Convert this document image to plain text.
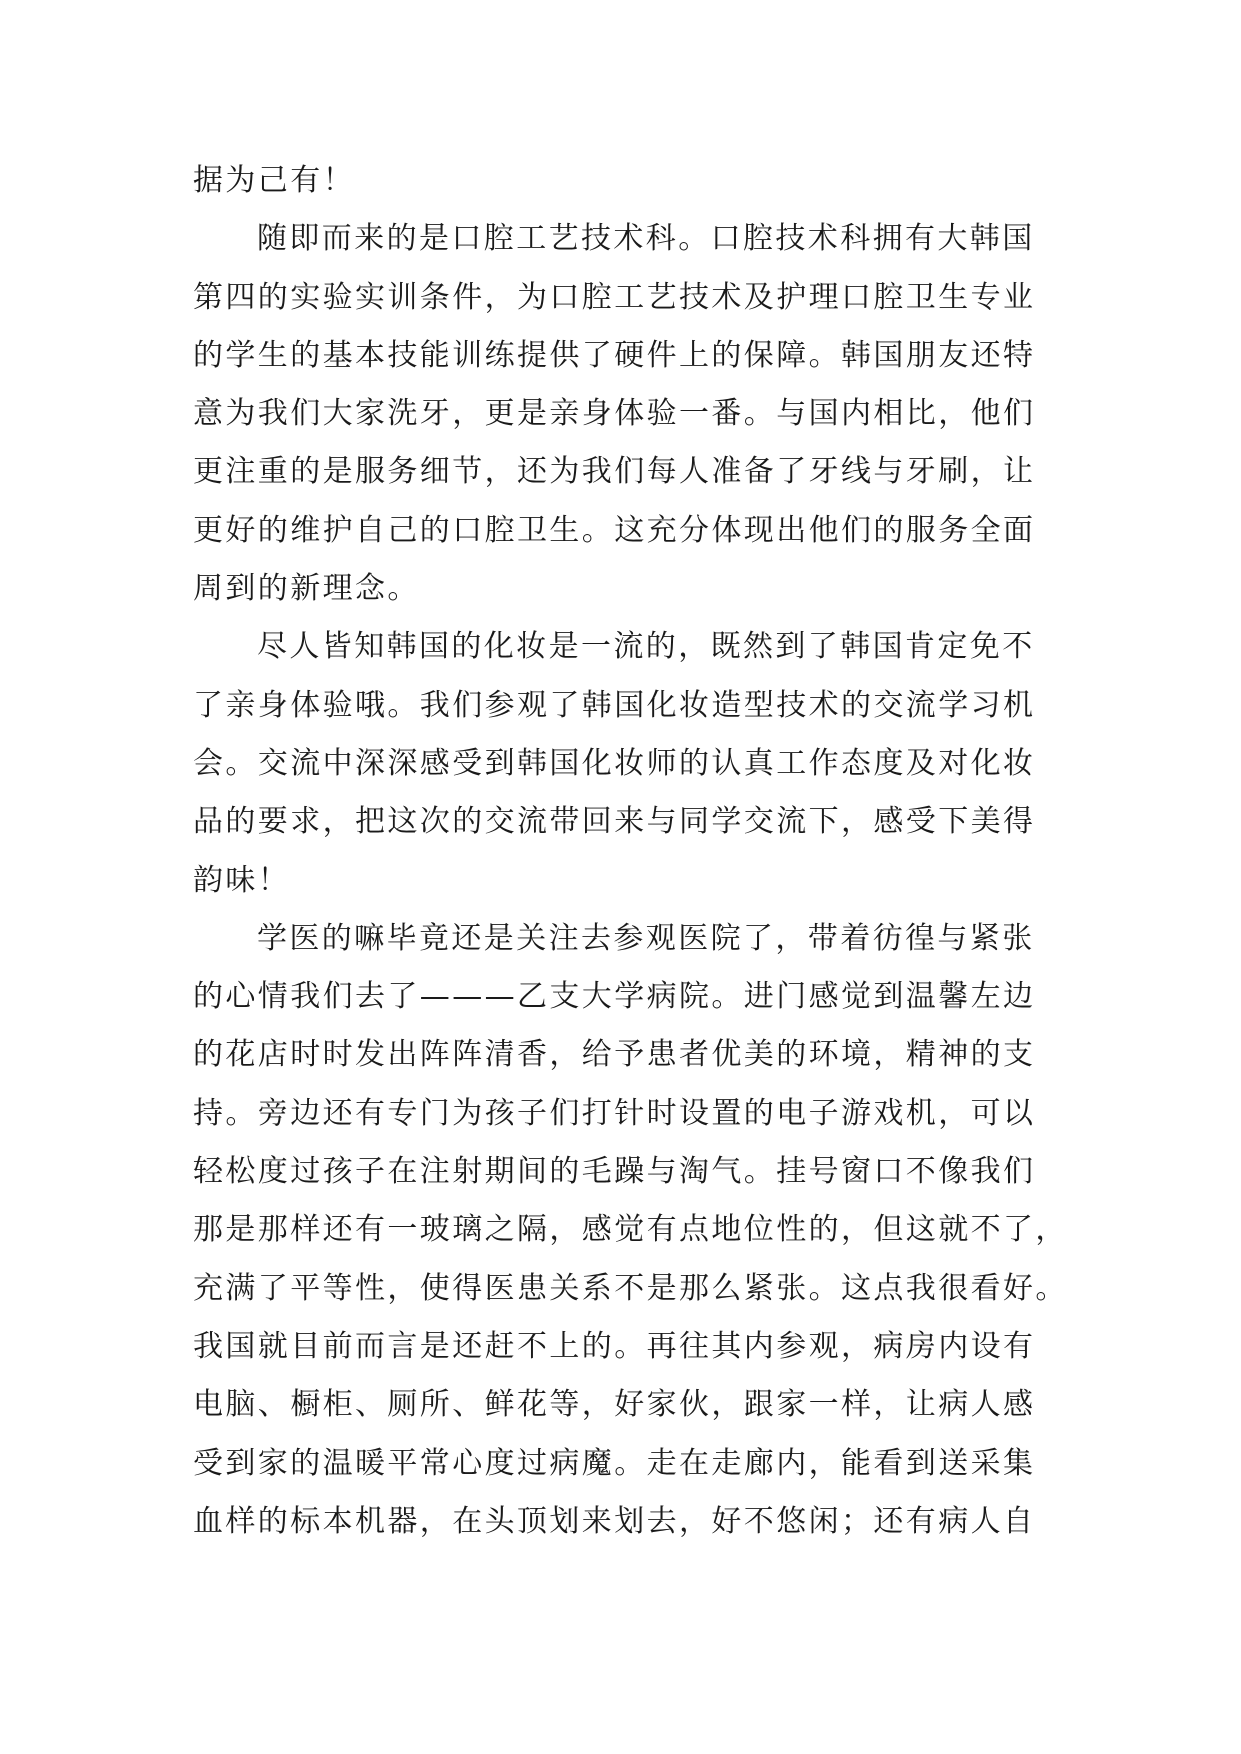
据为己有！

随即而来的是口腔工艺技术科。口腔技术科拥有大韩国
第四的实验实训条件，为口腔工艺技术及护理口腔卫生专业
的学生的基本技能训练提供了硬件上的保障。韩国朋友还特
意为我们大家洗牙，更是亲身体验一番。与国内相比，他们
更注重的是服务细节，还为我们每人准备了牙线与牙刷，让
更好的维护自己的口腔卫生。这充分体现出他们的服务全面
周到的新理念。

尽人皆知韩国的化妆是一流的，既然到了韩国肯定免不
了亲身体验哦。我们参观了韩国化妆造型技术的交流学习机
会。交流中深深感受到韩国化妆师的认真工作态度及对化妆
品的要求，把这次的交流带回来与同学交流下，感受下美得
韵味！

学医的嘛毕竟还是关注去参观医院了，带着彷徨与紧张
的心情我们去了———乙支大学病院。进门感觉到温馨左边
的花店时时发出阵阵清香，给予患者优美的环境，精神的支
持。旁边还有专门为孩子们打针时设置的电子游戏机，可以
轻松度过孩子在注射期间的毛躁与淘气。挂号窗口不像我们
那是那样还有一玻璃之隔，感觉有点地位性的，但这就不了，
充满了平等性，使得医患关系不是那么紧张。这点我很看好。
我国就目前而言是还赶不上的。再往其内参观，病房内设有
电脑、橱柜、厕所、鲜花等，好家伙，跟家一样，让病人感
受到家的温暖平常心度过病魔。走在走廊内，能看到送采集
血样的标本机器，在头顶划来划去，好不悠闲；还有病人自
